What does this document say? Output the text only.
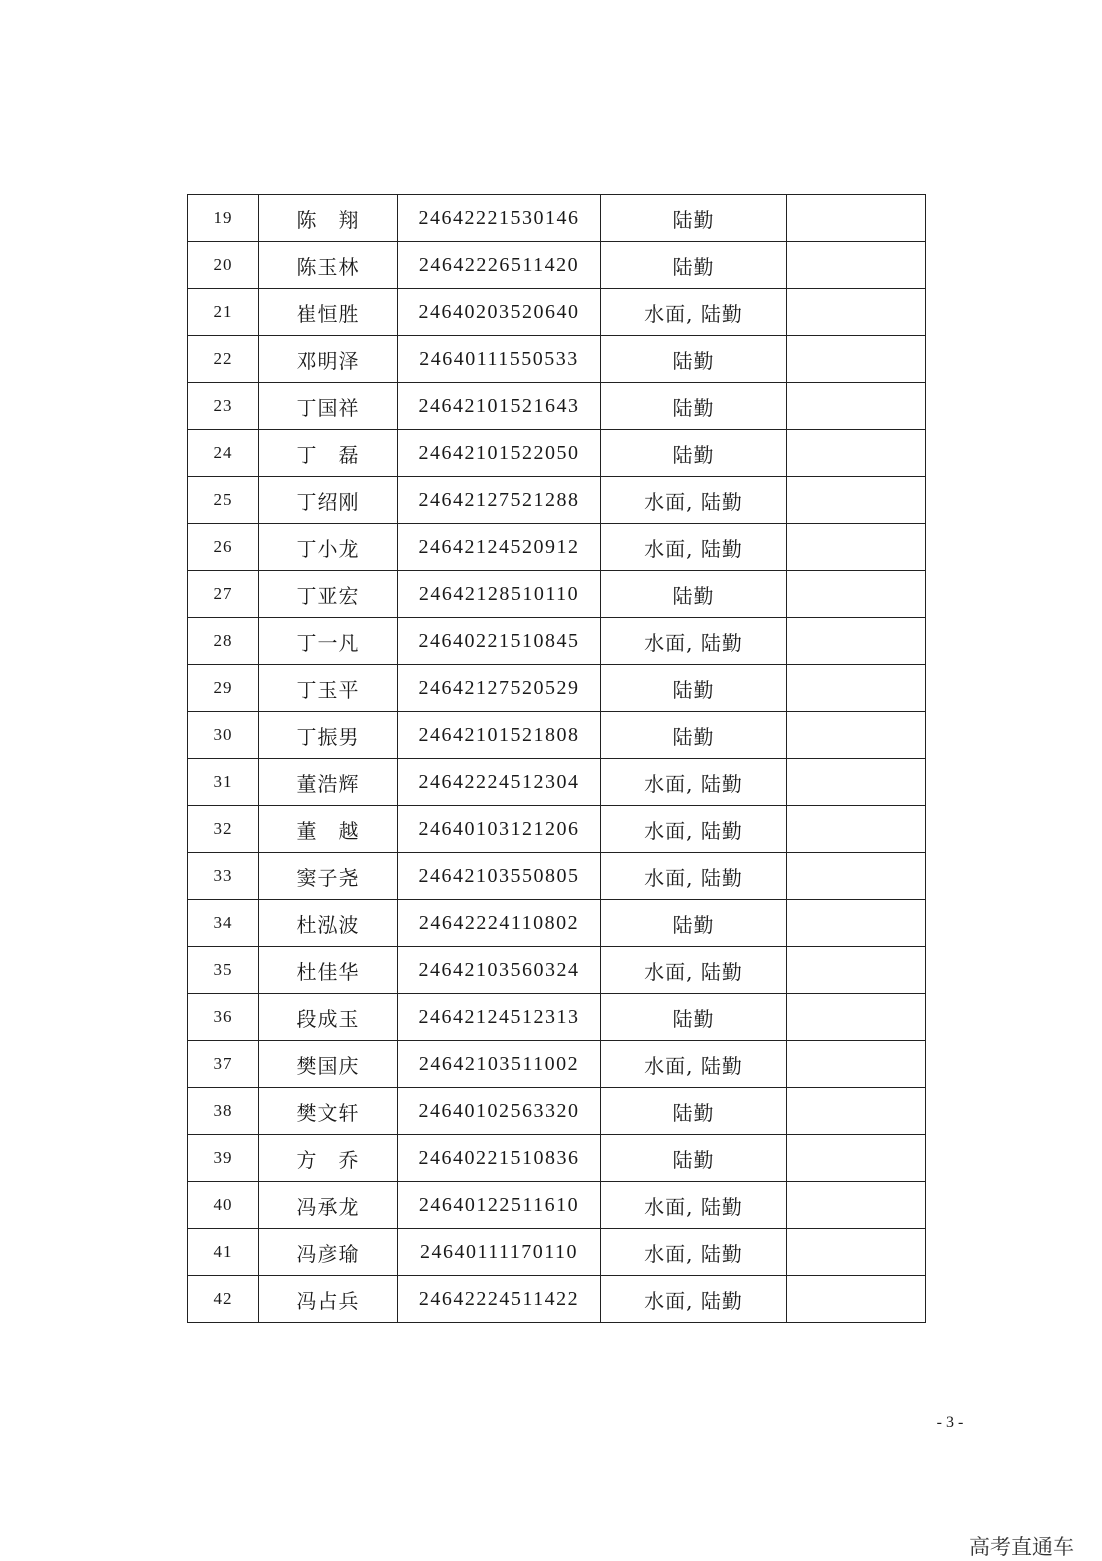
19	陈　翔	24642221530146	陆勤	
20	陈玉林	24642226511420	陆勤	
21	崔恒胜	24640203520640	水面, 陆勤	
22	邓明泽	24640111550533	陆勤	
23	丁国祥	24642101521643	陆勤	
24	丁　磊	24642101522050	陆勤	
25	丁绍刚	24642127521288	水面, 陆勤	
26	丁小龙	24642124520912	水面, 陆勤	
27	丁亚宏	24642128510110	陆勤	
28	丁一凡	24640221510845	水面, 陆勤	
29	丁玉平	24642127520529	陆勤	
30	丁振男	24642101521808	陆勤	
31	董浩辉	24642224512304	水面, 陆勤	
32	董　越	24640103121206	水面, 陆勤	
33	窦子尧	24642103550805	水面, 陆勤	
34	杜泓波	24642224110802	陆勤	
35	杜佳华	24642103560324	水面, 陆勤	
36	段成玉	24642124512313	陆勤	
37	樊国庆	24642103511002	水面, 陆勤	
38	樊文轩	24640102563320	陆勤	
39	方　乔	24640221510836	陆勤	
40	冯承龙	24640122511610	水面, 陆勤	
41	冯彦瑜	24640111170110	水面, 陆勤	
42	冯占兵	24642224511422	水面, 陆勤	
- 3 -
高考直通车
